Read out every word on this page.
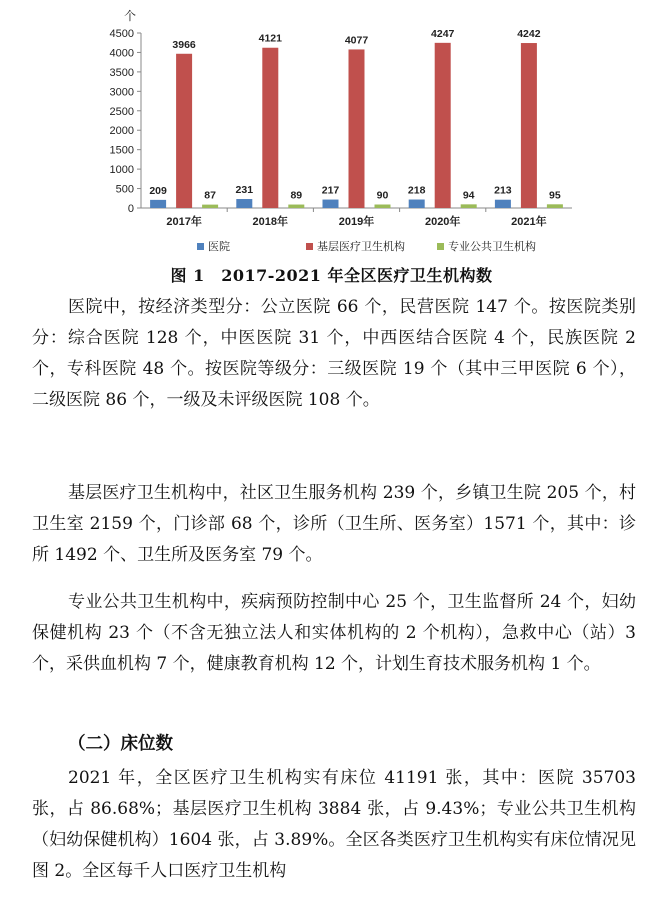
0
500
1000
1500
2000
2500
3000
3500
4000
4500
个
2017年	2018年	2019年	2020年	2021年
209
3966
87 231
4121
89 217
4077
90 218
4247
94 213
4242
95
医院	基层医疗卫生机构	专业公共卫生机构
图 1　2017-2021 年全区医疗卫生机构数

医院中，按经济类型分：公立医院 66 个，民营医院 147 个。按医院类别分：综合医院 128 个，中医医院 31 个，中西医结合医院 4 个，民族医院 2 个，专科医院 48 个。按医院等级分：三级医院 19 个（其中三甲医院 6 个），二级医院 86 个，一级及未评级医院 108 个。

基层医疗卫生机构中，社区卫生服务机构 239 个，乡镇卫生院 205 个，村卫生室 2159 个，门诊部 68 个，诊所（卫生所、医务室）1571 个，其中：诊所 1492 个、卫生所及医务室 79 个。

专业公共卫生机构中，疾病预防控制中心 25 个，卫生监督所 24 个，妇幼保健机构 23 个（不含无独立法人和实体机构的 2 个机构），急救中心（站）3 个，采供血机构 7 个，健康教育机构 12 个，计划生育技术服务机构 1 个。

（二）床位数

2021 年，全区医疗卫生机构实有床位 41191 张，其中：医院 35703 张，占 86.68%；基层医疗卫生机构 3884 张，占 9.43%；专业公共卫生机构（妇幼保健机构）1604 张，占 3.89%。全区各类医疗卫生机构实有床位情况见图 2。全区每千人口医疗卫生机构
